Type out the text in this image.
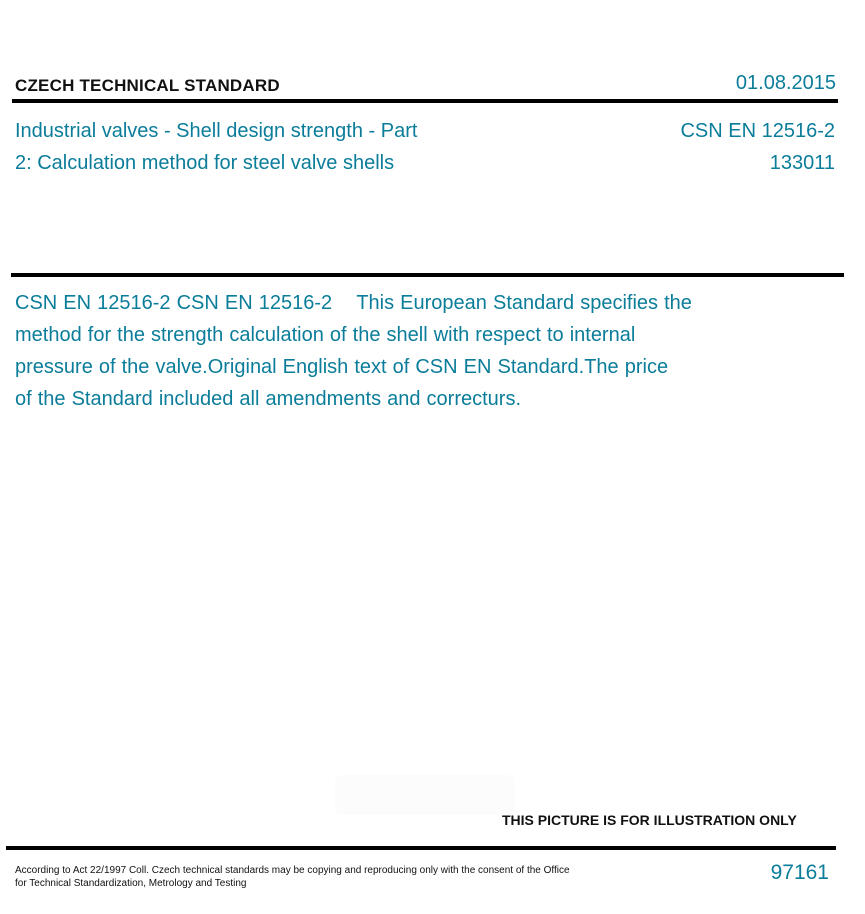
CZECH TECHNICAL STANDARD	01.08.2015
Industrial valves - Shell design strength - Part
2: Calculation method for steel valve shells
CSN EN 12516-2
133011
CSN EN 12516-2 CSN EN 12516-2 This European Standard specifies the
method for the strength calculation of the shell with respect to internal
pressure of the valve.Original English text of CSN EN Standard.The price
of the Standard included all amendments and correcturs.
THIS PICTURE IS FOR ILLUSTRATION ONLY
According to Act 22/1997 Coll. Czech technical standards may be copying and reproducing only with the consent of the Office
for Technical Standardization, Metrology and Testing	97161
